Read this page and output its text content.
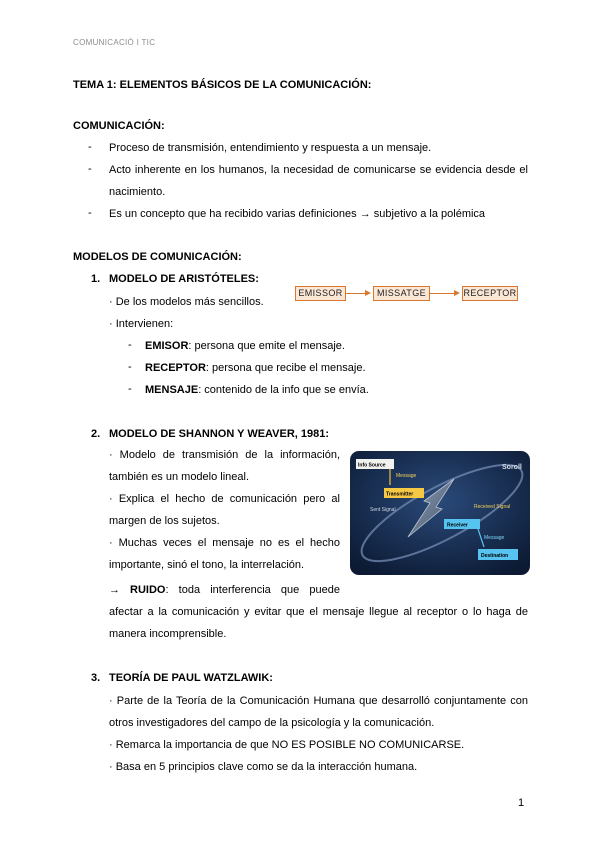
COMUNICACIÓ I TIC
TEMA 1: ELEMENTOS BÁSICOS DE LA COMUNICACIÓN:
COMUNICACIÓN:
- Proceso de transmisión, entendimiento y respuesta a un mensaje.
- Acto inherente en los humanos, la necesidad de comunicarse se evidencia desde el
nacimiento.
- Es un concepto que ha recibido varias definiciones → subjetivo a la polémica
MODELOS DE COMUNICACIÓN:
1. MODELO DE ARISTÓTELES:
EMISSOR	MISSATGE	RECEPTOR
· De los modelos más sencillos.
· Intervienen:
- EMISOR: persona que emite el mensaje.
- RECEPTOR: persona que recibe el mensaje.
- MENSAJE: contenido de la info que se envía.
2. MODELO DE SHANNON Y WEAVER, 1981:
· Modelo de transmisión de la información,
también es un modelo lineal.
· Explica el hecho de comunicación pero al
margen de los sujetos.
· Muchas veces el mensaje no es el hecho
importante, sinó el tono, la interrelación.
→ RUIDO :  toda  interferencia  que  puede
afectar a la comunicación y evitar que el mensaje llegue al receptor o lo haga de
manera incomprensible.
Soroll
Info Source
Message
Transmitter
Sent Signal	Received Signal
Receiver
Message
Destination
3. TEORÍA DE PAUL WATZLAWIK:
· Parte de la Teoría de la Comunicación Humana que desarrolló conjuntamente con
otros investigadores del campo de la psicología y la comunicación.
· Remarca la importancia de que NO ES POSIBLE NO COMUNICARSE.
· Basa en 5 principios clave como se da la interacción humana.
1
